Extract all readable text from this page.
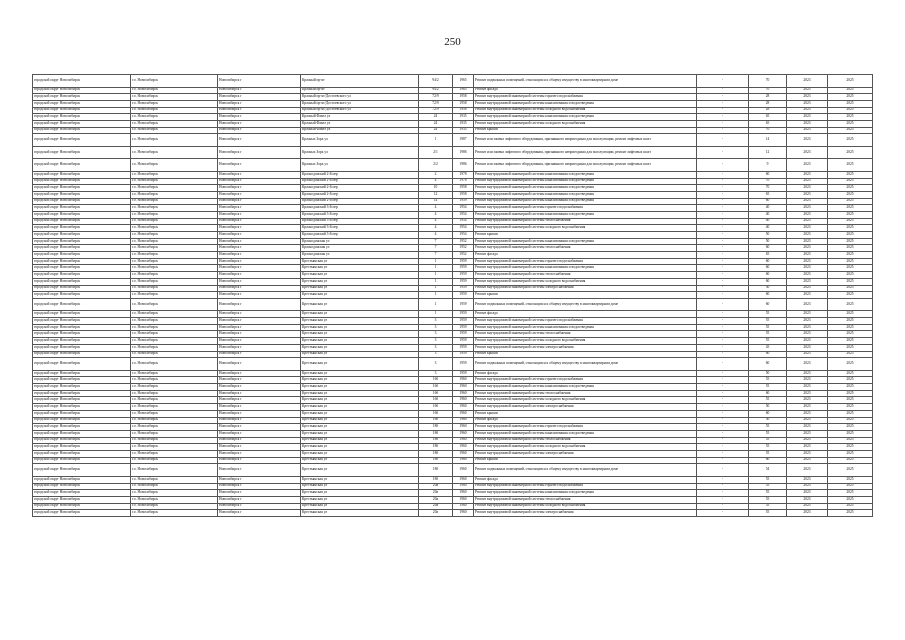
250
городской округ Новосибирск	г.о. Новосибирск	Новосибирск г	Красный пр-кт	94/2	1965	Ремонт подвальных помещений, относящихся к общему имуществу в многоквартирном доме	-	70	2023	2025
городской округ Новосибирск	г.о. Новосибирск	Новосибирск г	Красный пр-кт	94/2	1965	Ремонт фасада	-	70	2023	2025
городской округ Новосибирск	г.о. Новосибирск	Новосибирск г	Красный пр-кт/Достоевского ул	72/9	1958	Ремонт внутридомовой инженерной системы горячего водоснабжения	-	28	2023	2025
городской округ Новосибирск	г.о. Новосибирск	Новосибирск г	Красный пр-кт/Достоевского ул	72/9	1958	Ремонт внутридомовой инженерной системы канализования и водоотведения	-	28	2023	2025
городской округ Новосибирск	г.о. Новосибирск	Новосибирск г	Красный пр-кт/Достоевского ул	72/9	1958	Ремонт внутридомовой инженерной системы холодного водоснабжения	-	28	2023	2025
городской округ Новосибирск	г.о. Новосибирск	Новосибирск г	Красный Факел ул	24	1935	Ремонт внутридомовой инженерной системы канализования и водоотведения	-	65	2023	2025
городской округ Новосибирск	г.о. Новосибирск	Новосибирск г	Красный Факел ул	24	1935	Ремонт внутридомовой инженерной системы холодного водоснабжения	-	65	2023	2025
городской округ Новосибирск	г.о. Новосибирск	Новосибирск г	Красный Факел ул	24	1935	Ремонт крыши	-	70	2023	2025
городской округ Новосибирск	г.о. Новосибирск	Новосибирск г	Красных Зорь ул	1	1987	Ремонт или замена лифтового оборудования, признанного непригодным для эксплуатации, ремонт лифтовых шахт	-	14	2023	2025
городской округ Новосибирск	г.о. Новосибирск	Новосибирск г	Красных Зорь ул	2/1	1986	Ремонт или замена лифтового оборудования, признанного непригодным для эксплуатации, ремонт лифтовых шахт	-	12	2023	2025
городской округ Новосибирск	г.о. Новосибирск	Новосибирск г	Красных Зорь ул	2/2	1986	Ремонт или замена лифтового оборудования, признанного непригодным для эксплуатации, ремонт лифтовых шахт	-	9	2023	2025
городской округ Новосибирск	г.о. Новосибирск	Новосибирск г	Краснодонский 2-й пер	2	1978	Ремонт внутридомовой инженерной системы канализования и водоотведения	-	60	2023	2025
городской округ Новосибирск	г.о. Новосибирск	Новосибирск г	Краснодонский 2-й пер	4	1978	Ремонт внутридомовой инженерной системы канализования и водоотведения	-	70	2023	2025
городской округ Новосибирск	г.о. Новосибирск	Новосибирск г	Краснодонский 2-й пер	10	1958	Ремонт внутридомовой инженерной системы канализования и водоотведения	-	70	2023	2025
городской округ Новосибирск	г.о. Новосибирск	Новосибирск г	Краснодонский 2-й пер	12	1958	Ремонт внутридомовой инженерной системы канализования и водоотведения	-	65	2023	2025
городской округ Новосибирск	г.о. Новосибирск	Новосибирск г	Краснодонский 2-й пер	14	1959	Ремонт внутридомовой инженерной системы канализования и водоотведения	-	60	2023	2025
городской округ Новосибирск	г.о. Новосибирск	Новосибирск г	Краснодонский 3-й пер	4	1954	Ремонт внутридомовой инженерной системы горячего водоснабжения	-	40	2023	2025
городской округ Новосибирск	г.о. Новосибирск	Новосибирск г	Краснодонский 3-й пер	4	1954	Ремонт внутридомовой инженерной системы канализования и водоотведения	-	40	2023	2025
городской округ Новосибирск	г.о. Новосибирск	Новосибирск г	Краснодонский 3-й пер	4	1954	Ремонт внутридомовой инженерной системы теплоснабжения	-	40	2023	2025
городской округ Новосибирск	г.о. Новосибирск	Новосибирск г	Краснодонский 3-й пер	4	1954	Ремонт внутридомовой инженерной системы холодного водоснабжения	-	40	2023	2025
городской округ Новосибирск	г.о. Новосибирск	Новосибирск г	Краснодонский 3-й пер	4	1954	Ремонт крыши	-	50	2023	2025
городской округ Новосибирск	г.о. Новосибирск	Новосибирск г	Краснодонская ул	7	1952	Ремонт внутридомовой инженерной системы канализования и водоотведения	-	50	2023	2025
городской округ Новосибирск	г.о. Новосибирск	Новосибирск г	Краснодонская ул	7	1952	Ремонт внутридомовой инженерной системы теплоснабжения	-	60	2023	2025
городской округ Новосибирск	г.о. Новосибирск	Новосибирск г	Краснодонская ул	7	1952	Ремонт фасада	-	65	2023	2025
городской округ Новосибирск	г.о. Новосибирск	Новосибирск г	Крестьянская ул	1	1959	Ремонт внутридомовой инженерной системы горячего водоснабжения	-	60	2023	2025
городской округ Новосибирск	г.о. Новосибирск	Новосибирск г	Крестьянская ул	1	1959	Ремонт внутридомовой инженерной системы канализования и водоотведения	-	60	2023	2025
городской округ Новосибирск	г.о. Новосибирск	Новосибирск г	Крестьянская ул	1	1959	Ремонт внутридомовой инженерной системы теплоснабжения	-	60	2023	2025
городской округ Новосибирск	г.о. Новосибирск	Новосибирск г	Крестьянская ул	1	1959	Ремонт внутридомовой инженерной системы холодного водоснабжения	-	60	2023	2025
городской округ Новосибирск	г.о. Новосибирск	Новосибирск г	Крестьянская ул	1	1959	Ремонт внутридомовой инженерной системы электроснабжения	-	50	2023	2025
городской округ Новосибирск	г.о. Новосибирск	Новосибирск г	Крестьянская ул	1	1959	Ремонт крыши	-	60	2023	2025
городской округ Новосибирск	г.о. Новосибирск	Новосибирск г	Крестьянская ул	1	1959	Ремонт подвальных помещений, относящихся к общему имуществу в многоквартирном доме	-	60	2023	2025
городской округ Новосибирск	г.о. Новосибирск	Новосибирск г	Крестьянская ул	1	1959	Ремонт фасада	-	55	2023	2025
городской округ Новосибирск	г.о. Новосибирск	Новосибирск г	Крестьянская ул	3	1959	Ремонт внутридомовой инженерной системы горячего водоснабжения	-	55	2023	2025
городской округ Новосибирск	г.о. Новосибирск	Новосибирск г	Крестьянская ул	3	1959	Ремонт внутридомовой инженерной системы канализования и водоотведения	-	55	2023	2025
городской округ Новосибирск	г.о. Новосибирск	Новосибирск г	Крестьянская ул	3	1959	Ремонт внутридомовой инженерной системы теплоснабжения	-	55	2023	2025
городской округ Новосибирск	г.о. Новосибирск	Новосибирск г	Крестьянская ул	3	1959	Ремонт внутридомовой инженерной системы холодного водоснабжения	-	55	2023	2025
городской округ Новосибирск	г.о. Новосибирск	Новосибирск г	Крестьянская ул	3	1959	Ремонт внутридомовой инженерной системы электроснабжения	-	45	2023	2025
городской округ Новосибирск	г.о. Новосибирск	Новосибирск г	Крестьянская ул	3	1959	Ремонт крыши	-	60	2023	2025
городской округ Новосибирск	г.о. Новосибирск	Новосибирск г	Крестьянская ул	3	1959	Ремонт подвальных помещений, относящихся к общему имуществу в многоквартирном доме	-	60	2023	2025
городской округ Новосибирск	г.о. Новосибирск	Новосибирск г	Крестьянская ул	3	1959	Ремонт фасада	-	50	2023	2025
городской округ Новосибирск	г.о. Новосибирск	Новосибирск г	Крестьянская ул	16б	1960	Ремонт внутридомовой инженерной системы горячего водоснабжения	-	55	2023	2025
городской округ Новосибирск	г.о. Новосибирск	Новосибирск г	Крестьянская ул	16б	1960	Ремонт внутридомовой инженерной системы канализования и водоотведения	-	55	2023	2025
городской округ Новосибирск	г.о. Новосибирск	Новосибирск г	Крестьянская ул	16б	1960	Ремонт внутридомовой инженерной системы теплоснабжения	-	60	2023	2025
городской округ Новосибирск	г.о. Новосибирск	Новосибирск г	Крестьянская ул	16б	1960	Ремонт внутридомовой инженерной системы холодного водоснабжения	-	55	2023	2025
городской округ Новосибирск	г.о. Новосибирск	Новосибирск г	Крестьянская ул	16б	1960	Ремонт внутридомовой инженерной системы электроснабжения	-	50	2023	2025
городской округ Новосибирск	г.о. Новосибирск	Новосибирск г	Крестьянская ул	16б	1960	Ремонт крыши	-	60	2023	2025
городской округ Новосибирск	г.о. Новосибирск	Новосибирск г	Крестьянская ул	16б	1960	Ремонт фасада	-	50	2023	2025
городской округ Новосибирск	г.о. Новосибирск	Новосибирск г	Крестьянская ул	18б	1960	Ремонт внутридомовой инженерной системы горячего водоснабжения	-	55	2023	2025
городской округ Новосибирск	г.о. Новосибирск	Новосибирск г	Крестьянская ул	18б	1960	Ремонт внутридомовой инженерной системы канализования и водоотведения	-	55	2023	2025
городской округ Новосибирск	г.о. Новосибирск	Новосибирск г	Крестьянская ул	18б	1960	Ремонт внутридомовой инженерной системы теплоснабжения	-	55	2023	2025
городской округ Новосибирск	г.о. Новосибирск	Новосибирск г	Крестьянская ул	18б	1960	Ремонт внутридомовой инженерной системы холодного водоснабжения	-	55	2023	2025
городской округ Новосибирск	г.о. Новосибирск	Новосибирск г	Крестьянская ул	18б	1960	Ремонт внутридомовой инженерной системы электроснабжения	-	55	2023	2025
городской округ Новосибирск	г.о. Новосибирск	Новосибирск г	Крестьянская ул	18б	1960	Ремонт крыши	-	60	2023	2025
городской округ Новосибирск	г.о. Новосибирск	Новосибирск г	Крестьянская ул	18б	1960	Ремонт подвальных помещений, относящихся к общему имуществу в многоквартирном доме	-	54	2023	2025
городской округ Новосибирск	г.о. Новосибирск	Новосибирск г	Крестьянская ул	18б	1960	Ремонт фасада	-	55	2023	2025
городской округ Новосибирск	г.о. Новосибирск	Новосибирск г	Крестьянская ул	20а	1960	Ремонт внутридомовой инженерной системы горячего водоснабжения	-	55	2023	2025
городской округ Новосибирск	г.о. Новосибирск	Новосибирск г	Крестьянская ул	20а	1960	Ремонт внутридомовой инженерной системы канализования и водоотведения	-	55	2023	2025
городской округ Новосибирск	г.о. Новосибирск	Новосибирск г	Крестьянская ул	20а	1960	Ремонт внутридомовой инженерной системы теплоснабжения	-	55	2023	2025
городской округ Новосибирск	г.о. Новосибирск	Новосибирск г	Крестьянская ул	20а	1960	Ремонт внутридомовой инженерной системы холодного водоснабжения	-	55	2023	2025
городской округ Новосибирск	г.о. Новосибирск	Новосибирск г	Крестьянская ул	20а	1960	Ремонт внутридомовой инженерной системы электроснабжения	-	55	2023	2025
